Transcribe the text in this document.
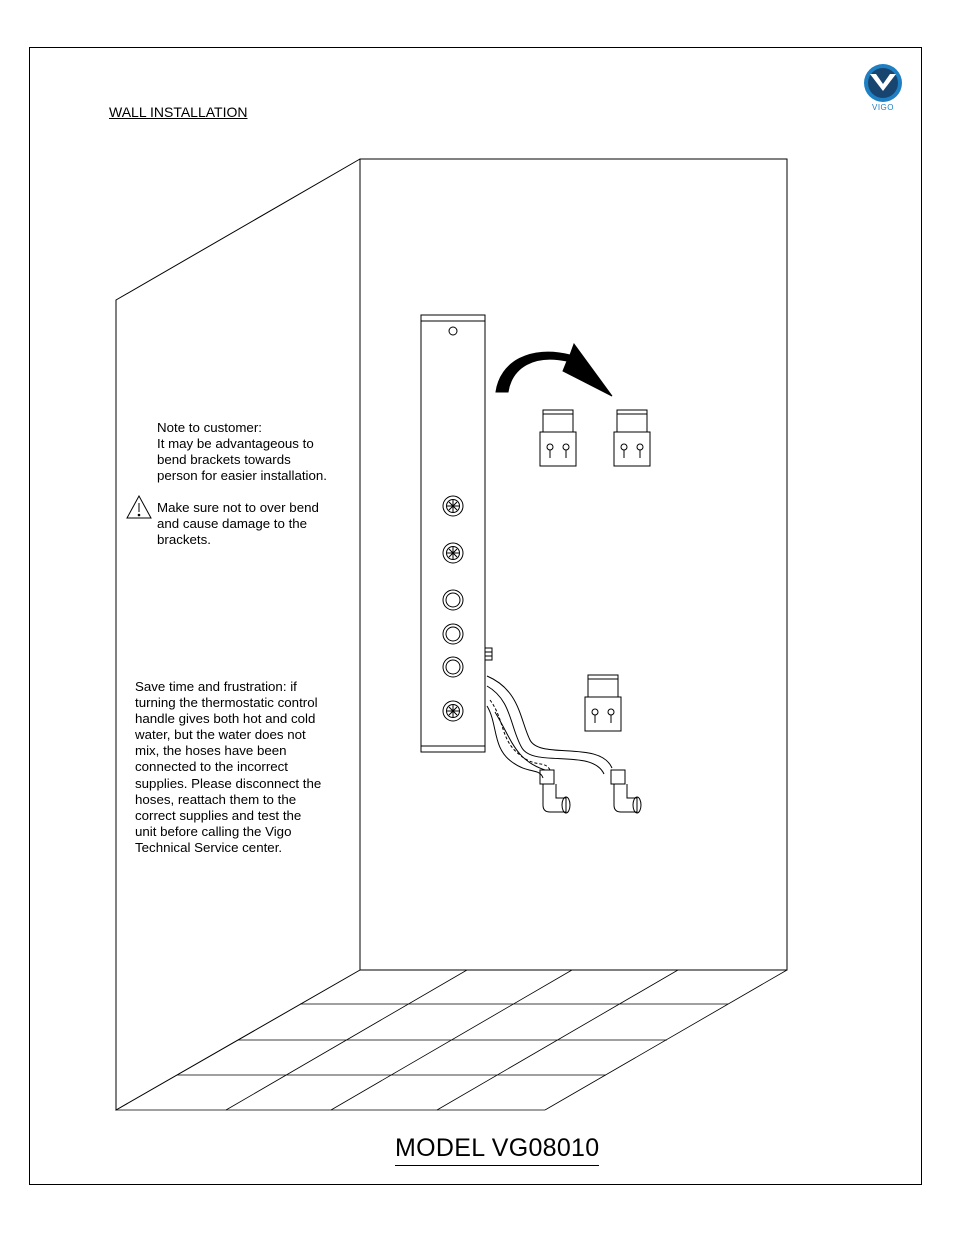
WALL INSTALLATION
Note to customer:
It may be advantageous to
bend brackets towards
person for easier installation.
Make sure not to over bend
and cause damage to the
brackets.
Save time and frustration: if
turning the thermostatic control
handle gives both hot and cold
water, but the water does not
mix, the hoses have been
connected to the incorrect
supplies. Please disconnect the
hoses, reattach them to the
correct supplies and test the
unit before calling the Vigo
Technical Service center.
MODEL VG08010
VIGO
